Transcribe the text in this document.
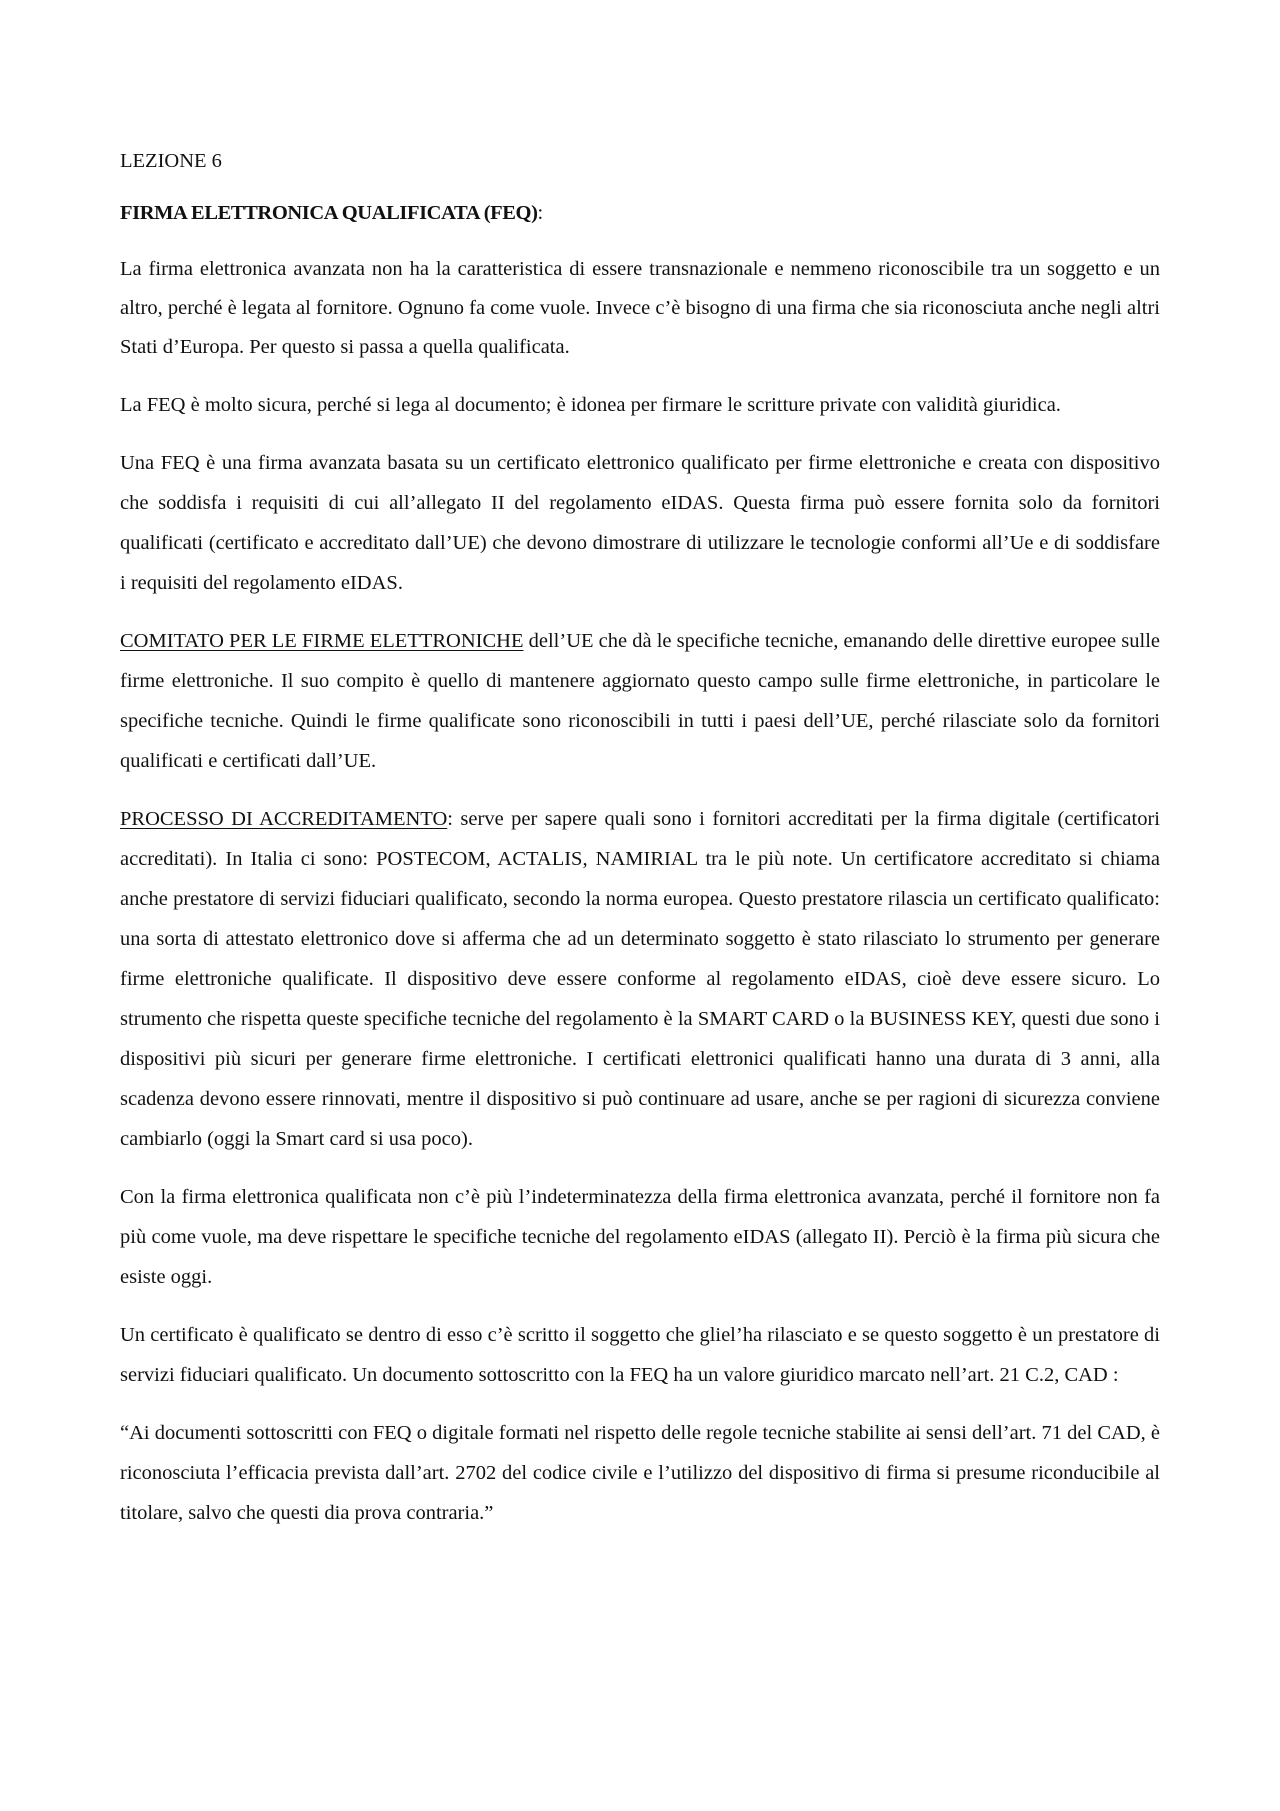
LEZIONE 6

FIRMA ELETTRONICA QUALIFICATA (FEQ):

La firma elettronica avanzata non ha la caratteristica di essere transnazionale e nemmeno riconoscibile tra un soggetto e un altro, perché è legata al fornitore. Ognuno fa come vuole. Invece c’è bisogno di una firma che sia riconosciuta anche negli altri Stati d’Europa. Per questo si passa a quella qualificata.

La FEQ è molto sicura, perché si lega al documento; è idonea per firmare le scritture private con validità giuridica.

Una FEQ è una firma avanzata basata su un certificato elettronico qualificato per firme elettroniche e creata con dispositivo che soddisfa i requisiti di cui all’allegato II del regolamento eIDAS. Questa firma può essere fornita solo da fornitori qualificati (certificato e accreditato dall’UE) che devono dimostrare di utilizzare le tecnologie conformi all’Ue e di soddisfare i requisiti del regolamento eIDAS.

COMITATO PER LE FIRME ELETTRONICHE dell’UE che dà le specifiche tecniche, emanando delle direttive europee sulle firme elettroniche. Il suo compito è quello di mantenere aggiornato questo campo sulle firme elettroniche, in particolare le specifiche tecniche. Quindi le firme qualificate sono riconoscibili in tutti i paesi dell’UE, perché rilasciate solo da fornitori qualificati e certificati dall’UE.

PROCESSO DI ACCREDITAMENTO: serve per sapere quali sono i fornitori accreditati per la firma digitale (certificatori accreditati). In Italia ci sono: POSTECOM, ACTALIS, NAMIRIAL tra le più note. Un certificatore accreditato si chiama anche prestatore di servizi fiduciari qualificato, secondo la norma europea. Questo prestatore rilascia un certificato qualificato: una sorta di attestato elettronico dove si afferma che ad un determinato soggetto è stato rilasciato lo strumento per generare firme elettroniche qualificate. Il dispositivo deve essere conforme al regolamento eIDAS, cioè deve essere sicuro. Lo strumento che rispetta queste specifiche tecniche del regolamento è la SMART CARD o la BUSINESS KEY, questi due sono i dispositivi più sicuri per generare firme elettroniche. I certificati elettronici qualificati hanno una durata di 3 anni, alla scadenza devono essere rinnovati, mentre il dispositivo si può continuare ad usare, anche se per ragioni di sicurezza conviene cambiarlo (oggi la Smart card si usa poco).

Con la firma elettronica qualificata non c’è più l’indeterminatezza della firma elettronica avanzata, perché il fornitore non fa più come vuole, ma deve rispettare le specifiche tecniche del regolamento eIDAS (allegato II). Perciò è la firma più sicura che esiste oggi.

Un certificato è qualificato se dentro di esso c’è scritto il soggetto che gliel’ha rilasciato e se questo soggetto è un prestatore di servizi fiduciari qualificato. Un documento sottoscritto con la FEQ ha un valore giuridico marcato nell’art. 21 C.2, CAD :

“Ai documenti sottoscritti con FEQ o digitale formati nel rispetto delle regole tecniche stabilite ai sensi dell’art. 71 del CAD, è riconosciuta l’efficacia prevista dall’art. 2702 del codice civile e l’utilizzo del dispositivo di firma si presume riconducibile al titolare, salvo che questi dia prova contraria.”
